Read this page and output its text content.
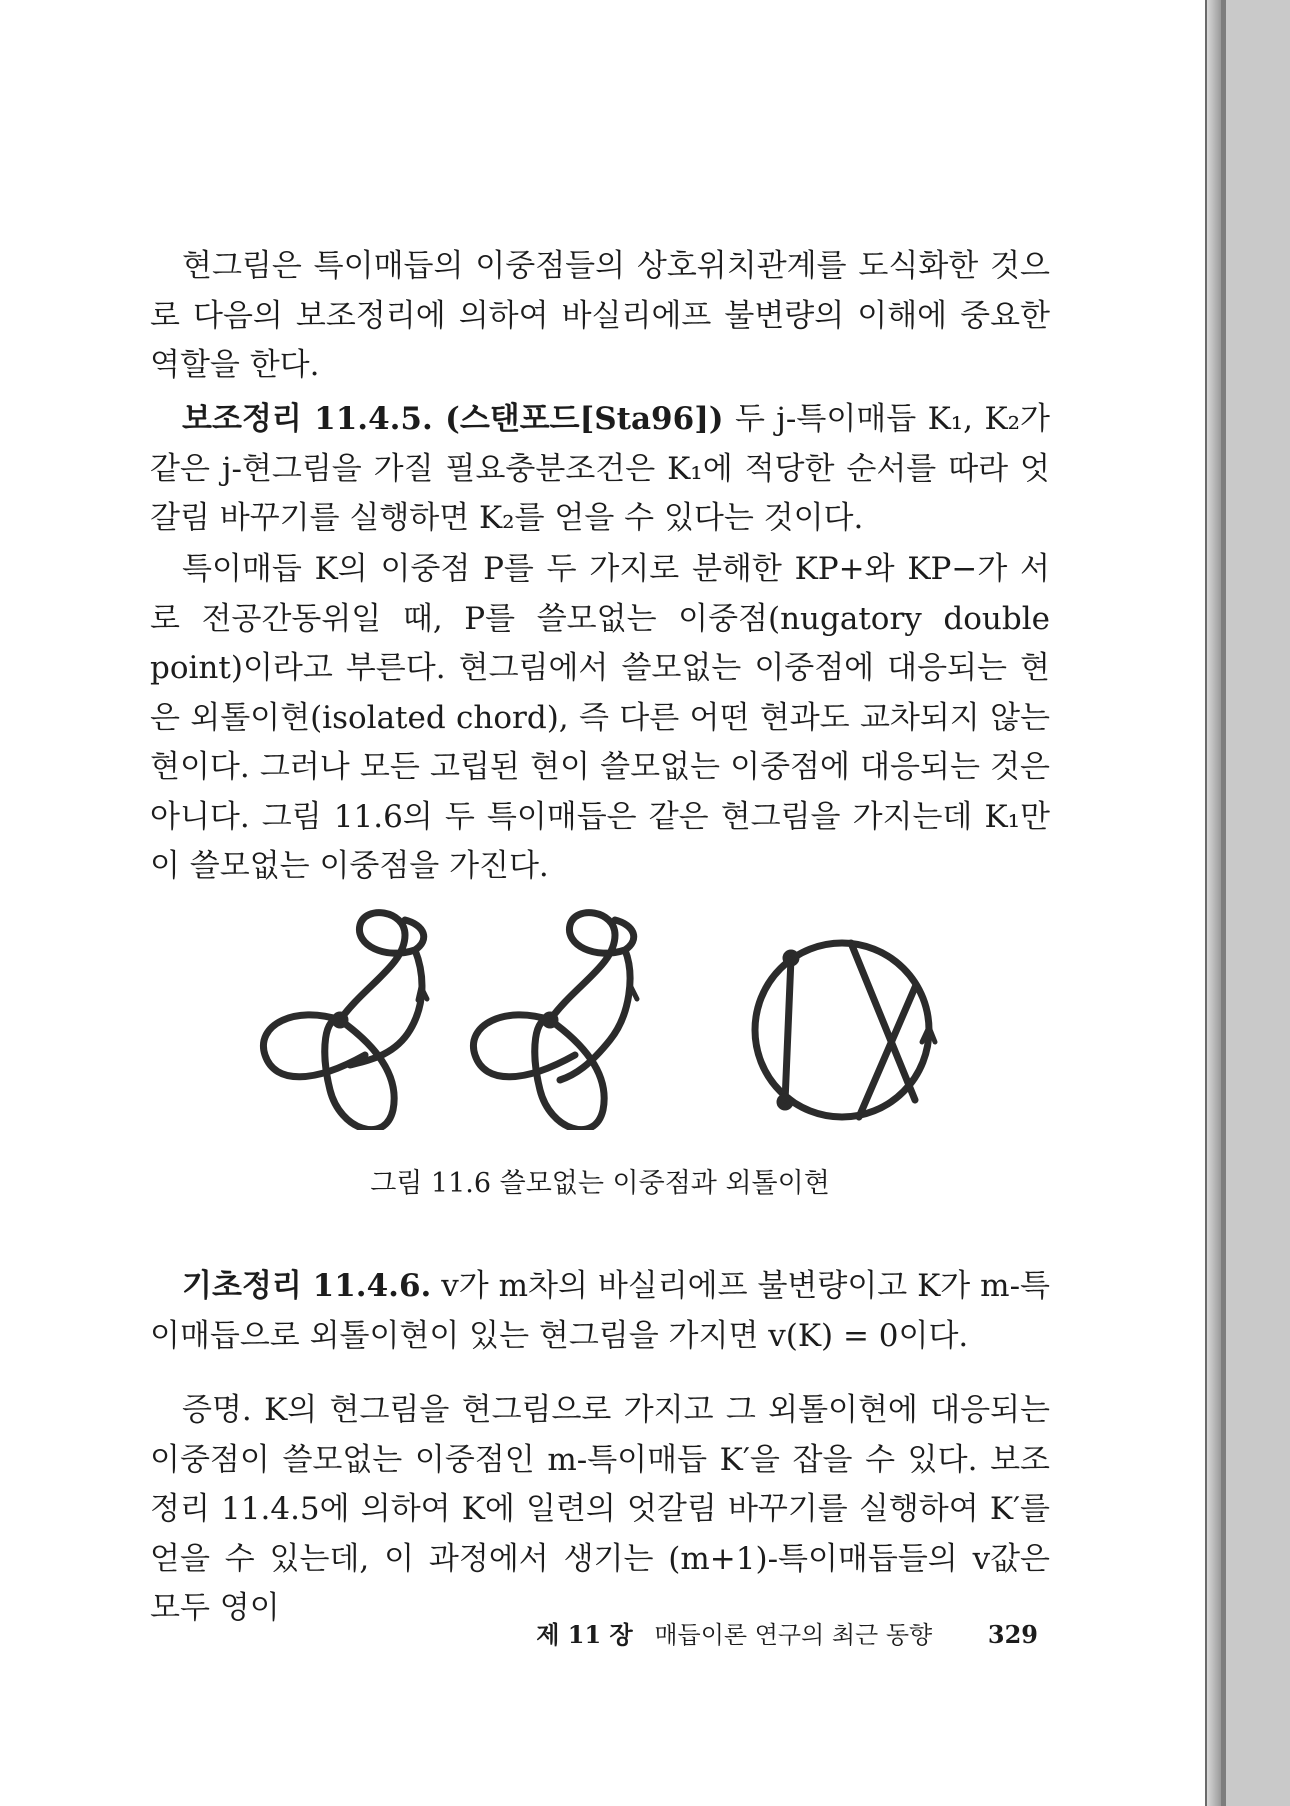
현그림은 특이매듭의 이중점들의 상호위치관계를 도식화한 것으로 다음의 보조정리에 의하여 바실리에프 불변량의 이해에 중요한 역할을 한다.

보조정리 11.4.5. (스탠포드[Sta96]) 두 j-특이매듭 K₁, K₂가 같은 j-현그림을 가질 필요충분조건은 K₁에 적당한 순서를 따라 엇갈림 바꾸기를 실행하면 K₂를 얻을 수 있다는 것이다.

특이매듭 K의 이중점 P를 두 가지로 분해한 KP+와 KP−가 서로 전공간동위일 때, P를 쓸모없는 이중점(nugatory double point)이라고 부른다. 현그림에서 쓸모없는 이중점에 대응되는 현은 외톨이현(isolated chord), 즉 다른 어떤 현과도 교차되지 않는 현이다. 그러나 모든 고립된 현이 쓸모없는 이중점에 대응되는 것은 아니다. 그림 11.6의 두 특이매듭은 같은 현그림을 가지는데 K₁만이 쓸모없는 이중점을 가진다.

그림 11.6 쓸모없는 이중점과 외톨이현

기초정리 11.4.6. v가 m차의 바실리에프 불변량이고 K가 m-특이매듭으로 외톨이현이 있는 현그림을 가지면 v(K) = 0이다.

증명. K의 현그림을 현그림으로 가지고 그 외톨이현에 대응되는 이중점이 쓸모없는 이중점인 m-특이매듭 K′을 잡을 수 있다. 보조정리 11.4.5에 의하여 K에 일련의 엇갈림 바꾸기를 실행하여 K′를 얻을 수 있는데, 이 과정에서 생기는 (m+1)-특이매듭들의 v값은 모두 영이

제 11 장 매듭이론 연구의 최근 동향 329
